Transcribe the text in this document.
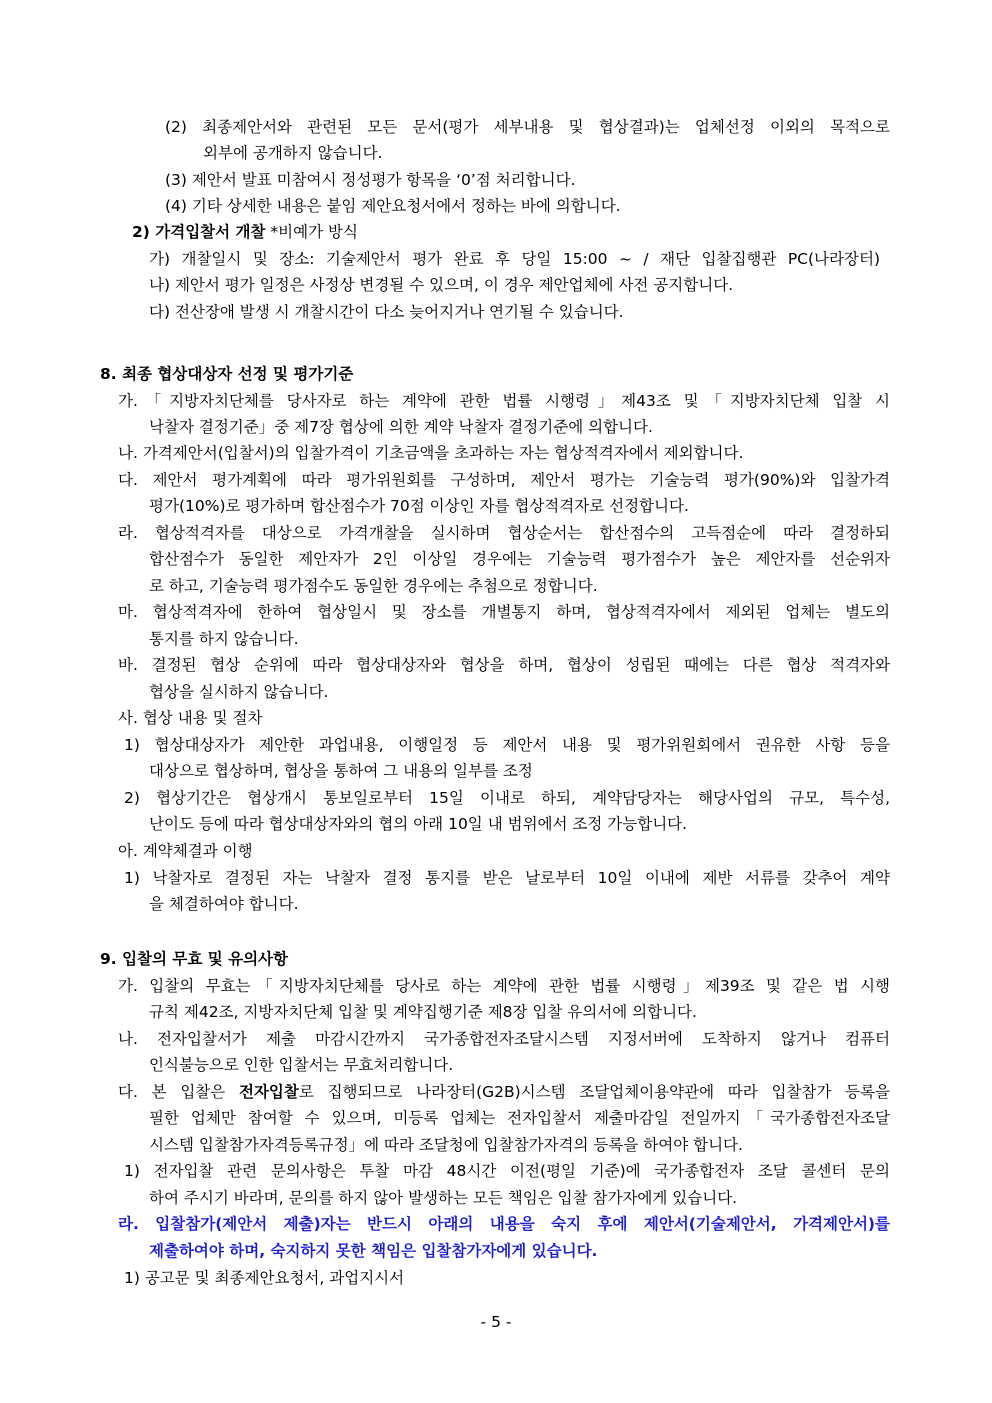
(2) 최종제안서와 관련된 모든 문서(평가 세부내용 및 협상결과)는 업체선정 이외의 목적으로
외부에 공개하지 않습니다.
(3) 제안서 발표 미참여시 정성평가 항목을 ‘0’점 처리합니다.
(4) 기타 상세한 내용은 붙임 제안요청서에서 정하는 바에 의합니다.
2) 가격입찰서 개찰 *비예가 방식
가) 개찰일시 및 장소: 기술제안서 평가 완료 후 당일 15:00 ~ / 재단 입찰집행관 PC(나라장터)
나) 제안서 평가 일정은 사정상 변경될 수 있으며, 이 경우 제안업체에 사전 공지합니다.
다) 전산장애 발생 시 개찰시간이 다소 늦어지거나 연기될 수 있습니다.
8. 최종 협상대상자 선정 및 평가기준
가.「지방자치단체를 당사자로 하는 계약에 관한 법률 시행령」제43조 및「지방자치단체 입찰 시
낙찰자 결정기준」중 제7장 협상에 의한 계약 낙찰자 결정기준에 의합니다.
나. 가격제안서(입찰서)의 입찰가격이 기초금액을 초과하는 자는 협상적격자에서 제외합니다.
다. 제안서 평가계획에 따라 평가위원회를 구성하며, 제안서 평가는 기술능력 평가(90%)와 입찰가격
평가(10%)로 평가하며 합산점수가 70점 이상인 자를 협상적격자로 선정합니다.
라. 협상적격자를 대상으로 가격개찰을 실시하며 협상순서는 합산점수의 고득점순에 따라 결정하되
합산점수가 동일한 제안자가 2인 이상일 경우에는 기술능력 평가점수가 높은 제안자를 선순위자
로 하고, 기술능력 평가점수도 동일한 경우에는 추첨으로 정합니다.
마. 협상적격자에 한하여 협상일시 및 장소를 개별통지 하며, 협상적격자에서 제외된 업체는 별도의
통지를 하지 않습니다.
바. 결정된 협상 순위에 따라 협상대상자와 협상을 하며, 협상이 성립된 때에는 다른 협상 적격자와
협상을 실시하지 않습니다.
사. 협상 내용 및 절차
1) 협상대상자가 제안한 과업내용, 이행일정 등 제안서 내용 및 평가위원회에서 권유한 사항 등을
대상으로 협상하며, 협상을 통하여 그 내용의 일부를 조정
2) 협상기간은 협상개시 통보일로부터 15일 이내로 하되, 계약담당자는 해당사업의 규모, 특수성,
난이도 등에 따라 협상대상자와의 협의 아래 10일 내 범위에서 조정 가능합니다.
아. 계약체결과 이행
1) 낙찰자로 결정된 자는 낙찰자 결정 통지를 받은 날로부터 10일 이내에 제반 서류를 갖추어 계약
을 체결하여야 합니다.
9. 입찰의 무효 및 유의사항
가. 입찰의 무효는「지방자치단체를 당사로 하는 계약에 관한 법률 시행령」제39조 및 같은 법 시행
규칙 제42조, 지방자치단체 입찰 및 계약집행기준 제8장 입찰 유의서에 의합니다.
나. 전자입찰서가 제출 마감시간까지 국가종합전자조달시스템 지정서버에 도착하지 않거나 컴퓨터
인식불능으로 인한 입찰서는 무효처리합니다.
다. 본 입찰은 전자입찰로 집행되므로 나라장터(G2B)시스템 조달업체이용약관에 따라 입찰참가 등록을
필한 업체만 참여할 수 있으며, 미등록 업체는 전자입찰서 제출마감일 전일까지「국가종합전자조달
시스템 입찰참가자격등록규정」에 따라 조달청에 입찰참가자격의 등록을 하여야 합니다.
1) 전자입찰 관련 문의사항은 투찰 마감 48시간 이전(평일 기준)에 국가종합전자 조달 콜센터 문의
하여 주시기 바라며, 문의를 하지 않아 발생하는 모든 책임은 입찰 참가자에게 있습니다.
라. 입찰참가(제안서 제출)자는 반드시 아래의 내용을 숙지 후에 제안서(기술제안서, 가격제안서)를
제출하여야 하며, 숙지하지 못한 책임은 입찰참가자에게 있습니다.
1) 공고문 및 최종제안요청서, 과업지시서
- 5 -
